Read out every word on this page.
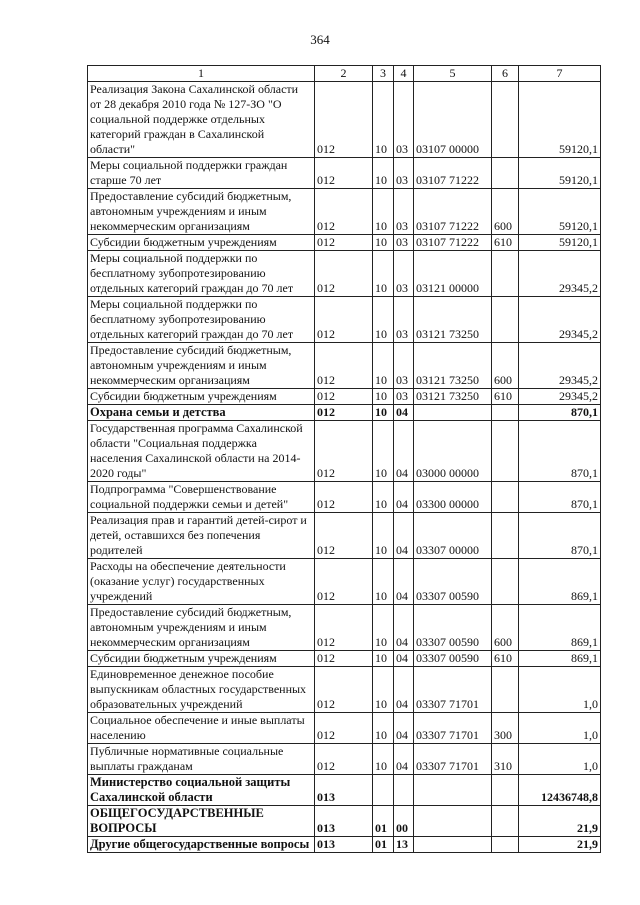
364
1	2	3	4	5	6	7
Реализация Закона Сахалинской области от 28 декабря 2010 года № 127-ЗО "О социальной поддержке отдельных категорий граждан в Сахалинской области"	012	10	03	03107 00000		59120,1
Меры социальной поддержки граждан старше 70 лет	012	10	03	03107 71222		59120,1
Предоставление субсидий бюджетным, автономным учреждениям и иным некоммерческим организациям	012	10	03	03107 71222	600	59120,1
Субсидии бюджетным учреждениям	012	10	03	03107 71222	610	59120,1
Меры социальной поддержки по бесплатному зубопротезированию отдельных категорий граждан до 70 лет	012	10	03	03121 00000		29345,2
Меры социальной поддержки по бесплатному зубопротезированию отдельных категорий граждан до 70 лет	012	10	03	03121 73250		29345,2
Предоставление субсидий бюджетным, автономным учреждениям и иным некоммерческим организациям	012	10	03	03121 73250	600	29345,2
Субсидии бюджетным учреждениям	012	10	03	03121 73250	610	29345,2
Охрана семьи и детства	012	10	04			870,1
Государственная программа Сахалинской области "Социальная поддержка населения Сахалинской области на 2014-2020 годы"	012	10	04	03000 00000		870,1
Подпрограмма "Совершенствование социальной поддержки семьи и детей"	012	10	04	03300 00000		870,1
Реализация прав и гарантий детей-сирот и детей, оставшихся без попечения родителей	012	10	04	03307 00000		870,1
Расходы на обеспечение деятельности (оказание услуг) государственных учреждений	012	10	04	03307 00590		869,1
Предоставление субсидий бюджетным, автономным учреждениям и иным некоммерческим организациям	012	10	04	03307 00590	600	869,1
Субсидии бюджетным учреждениям	012	10	04	03307 00590	610	869,1
Единовременное денежное пособие выпускникам областных государственных образовательных учреждений	012	10	04	03307 71701		1,0
Социальное обеспечение и иные выплаты населению	012	10	04	03307 71701	300	1,0
Публичные нормативные социальные выплаты гражданам	012	10	04	03307 71701	310	1,0
Министерство социальной защиты Сахалинской области	013					12436748,8
ОБЩЕГОСУДАРСТВЕННЫЕ ВОПРОСЫ	013	01	00			21,9
Другие общегосударственные вопросы	013	01	13			21,9
